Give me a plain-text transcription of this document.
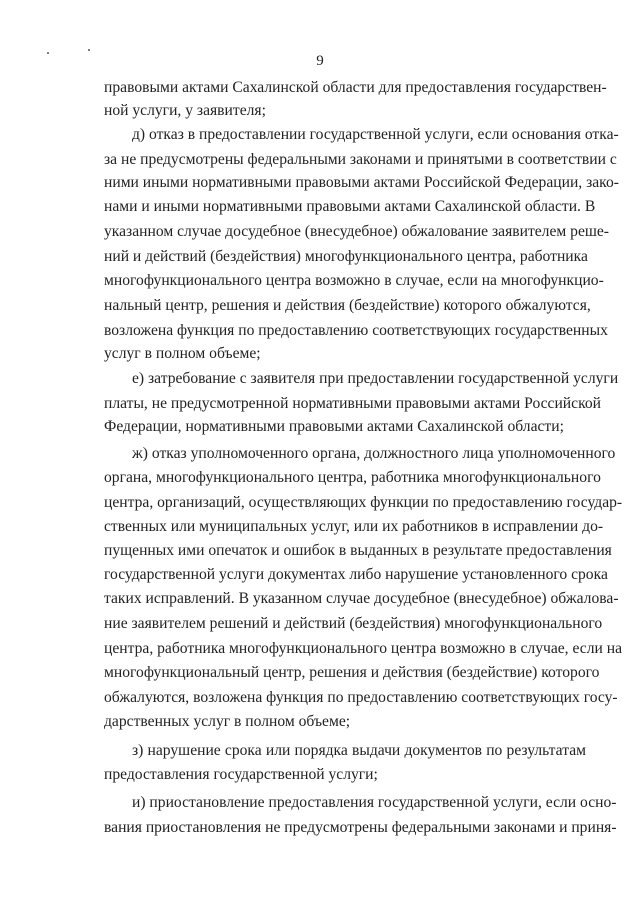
9
правовыми актами Сахалинской области для предоставления государствен-
ной услуги, у заявителя;
д) отказ в предоставлении государственной услуги, если основания отка-
за не предусмотрены федеральными законами и принятыми в соответствии с
ними иными нормативными правовыми актами Российской Федерации, зако-
нами и иными нормативными правовыми актами Сахалинской области. В
указанном случае досудебное (внесудебное) обжалование заявителем реше-
ний и действий (бездействия) многофункционального центра, работника
многофункционального центра возможно в случае, если на многофункцио-
нальный центр, решения и действия (бездействие) которого обжалуются,
возложена функция по предоставлению соответствующих государственных
услуг в полном объеме;
е) затребование с заявителя при предоставлении государственной услуги
платы, не предусмотренной нормативными правовыми актами Российской
Федерации, нормативными правовыми актами Сахалинской области;
ж) отказ уполномоченного органа, должностного лица уполномоченного
органа, многофункционального центра, работника многофункционального
центра, организаций, осуществляющих функции по предоставлению государ-
ственных или муниципальных услуг, или их работников в исправлении до-
пущенных ими опечаток и ошибок в выданных в результате предоставления
государственной услуги документах либо нарушение установленного срока
таких исправлений. В указанном случае досудебное (внесудебное) обжалова-
ние заявителем решений и действий (бездействия) многофункционального
центра, работника многофункционального центра возможно в случае, если на
многофункциональный центр, решения и действия (бездействие) которого
обжалуются, возложена функция по предоставлению соответствующих госу-
дарственных услуг в полном объеме;
з) нарушение срока или порядка выдачи документов по результатам
предоставления государственной услуги;
и) приостановление предоставления государственной услуги, если осно-
вания приостановления не предусмотрены федеральными законами и приня-
